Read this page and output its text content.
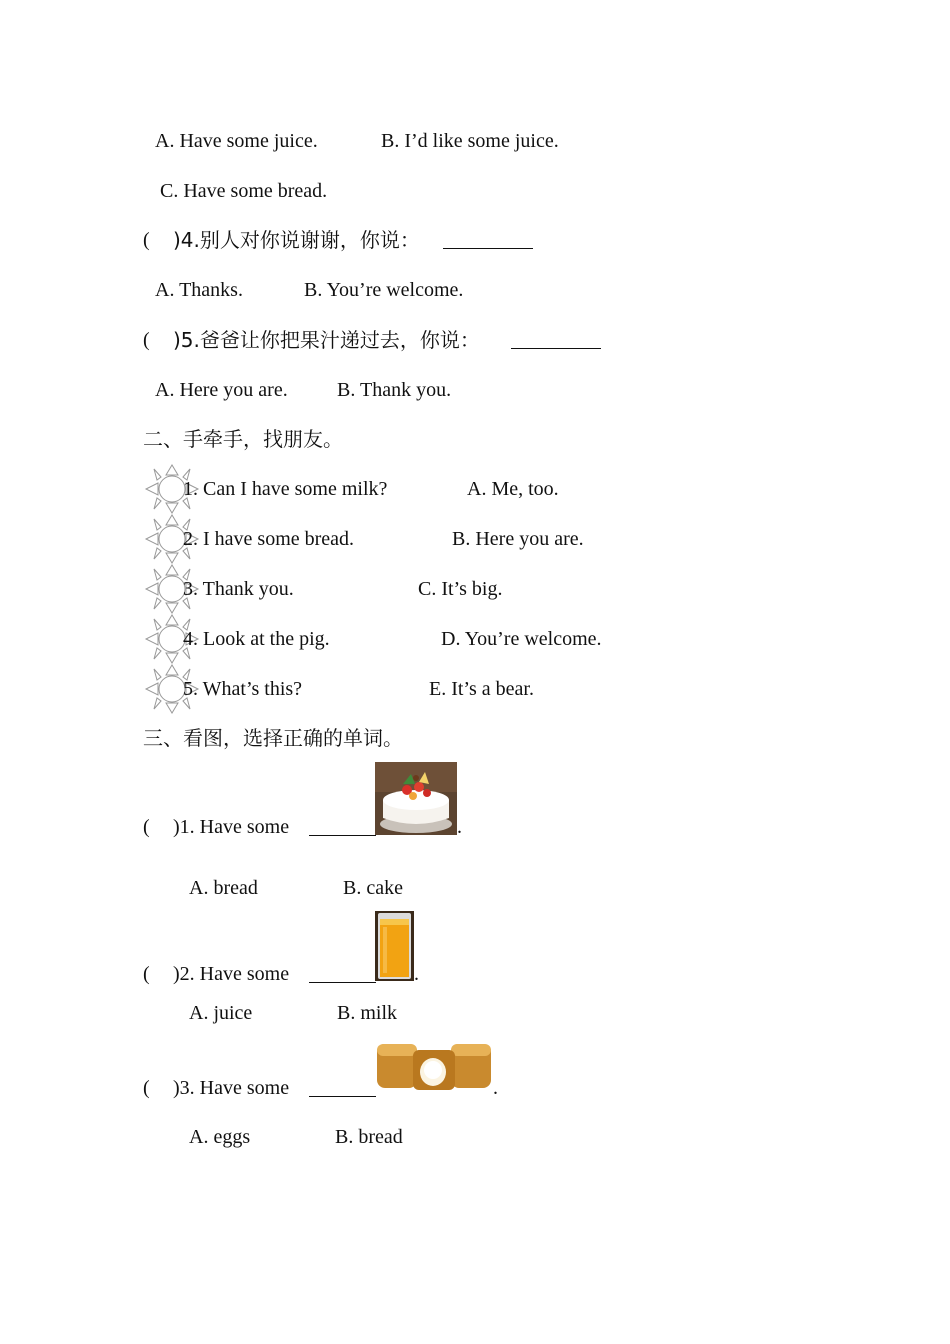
A. Have some juice.	B. I’d like some juice.
C. Have some bread.
( )4.别人对你说谢谢，你说：
A. Thanks.	B. You’re welcome.
( )5.爸爸让你把果汁递过去，你说：
A. Here you are. B. Thank you.
二、手牵手，找朋友。
1. Can I have some milk?	A. Me, too.
2. I have some bread.	B. Here you are.
3. Thank you.	C. It’s big.
4. Look at the pig.	D. You’re welcome.
5. What’s this?	E. It’s a bear.
三、看图，选择正确的单词。
( )1. Have some	.
A. bread	B. cake
( )2. Have some	.
A. juice	B. milk
( )3. Have some	.
A. eggs	B. bread
